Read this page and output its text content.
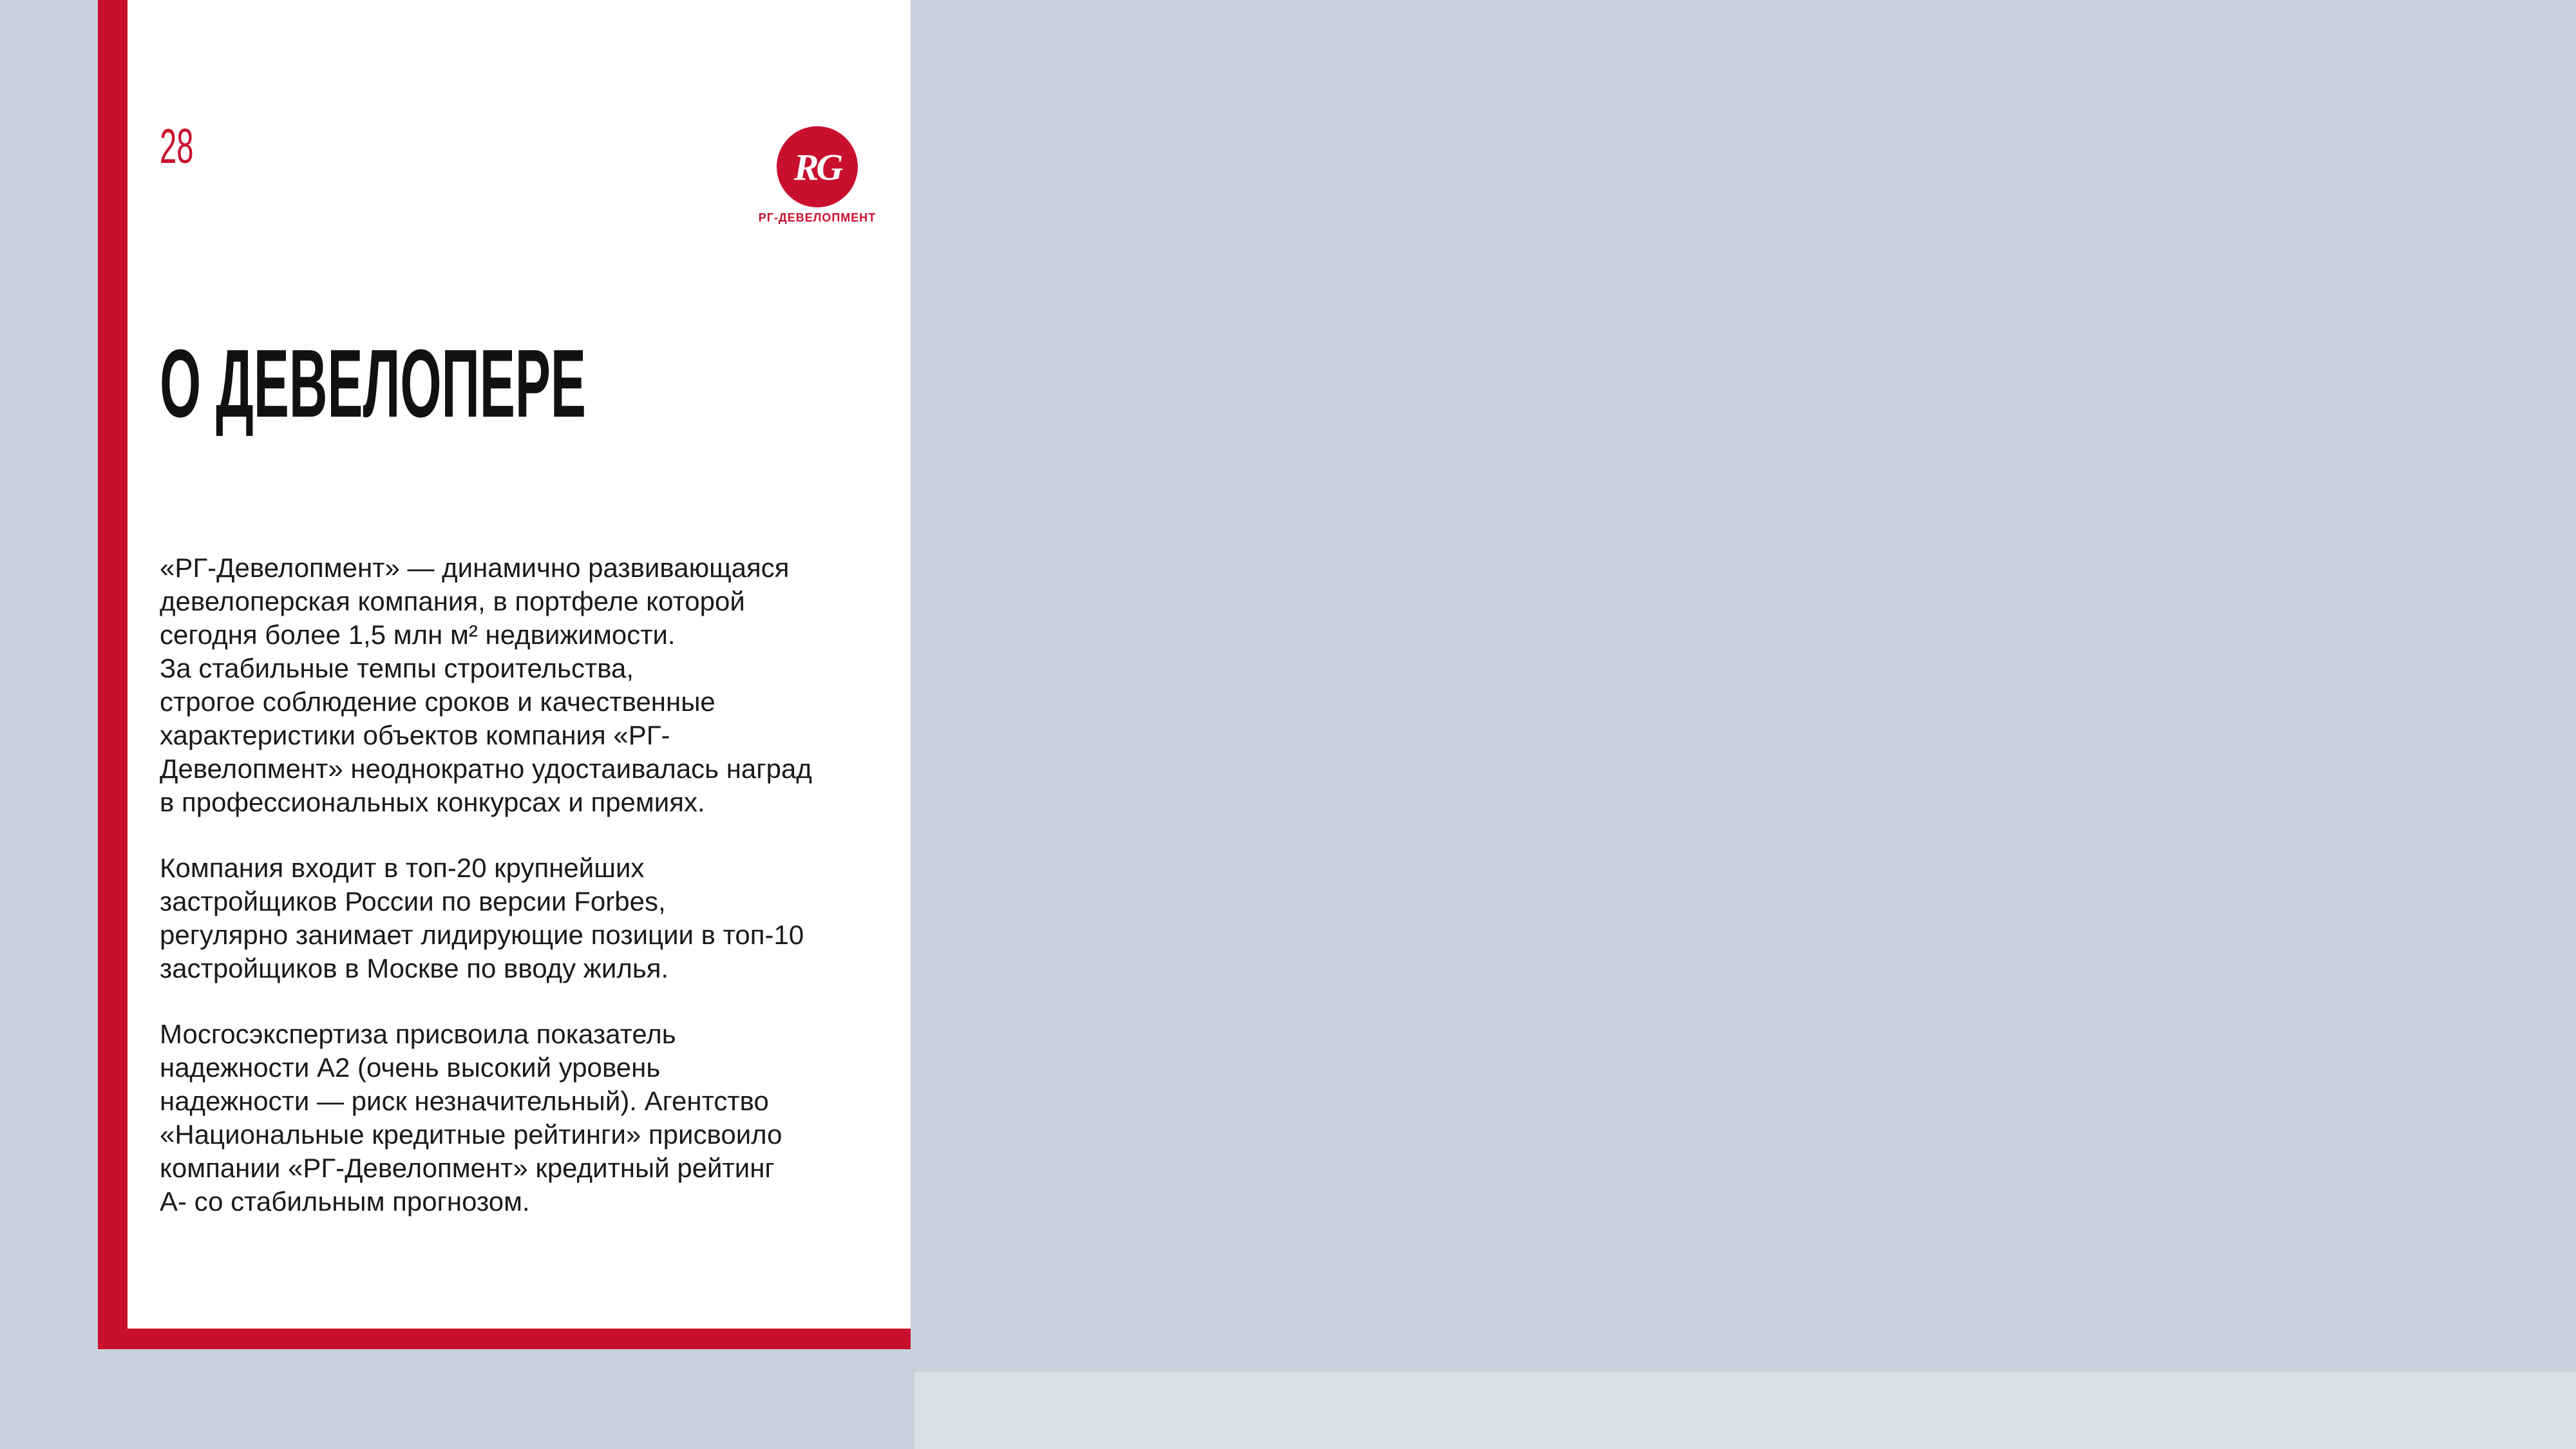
28	RG
РГ-ДЕВЕЛОПМЕНТ
О ДЕВЕЛОПЕРЕ

«РГ-Девелопмент» — динамично развивающаяся
девелоперская компания, в портфеле которой
сегодня более 1,5 млн м² недвижимости.
За стабильные темпы строительства,
строгое соблюдение сроков и качественные
характеристики объектов компания «РГ-
Девелопмент» неоднократно удостаивалась наград
в профессиональных конкурсах и премиях.

Компания входит в топ-20 крупнейших
застройщиков России по версии Forbes,
регулярно занимает лидирующие позиции в топ-10
застройщиков в Москве по вводу жилья.

Мосгосэкспертиза присвоила показатель
надежности А2 (очень высокий уровень
надежности — риск незначительный). Агентство
«Национальные кредитные рейтинги» присвоило
компании «РГ-Девелопмент» кредитный рейтинг
А- со стабильным прогнозом.
